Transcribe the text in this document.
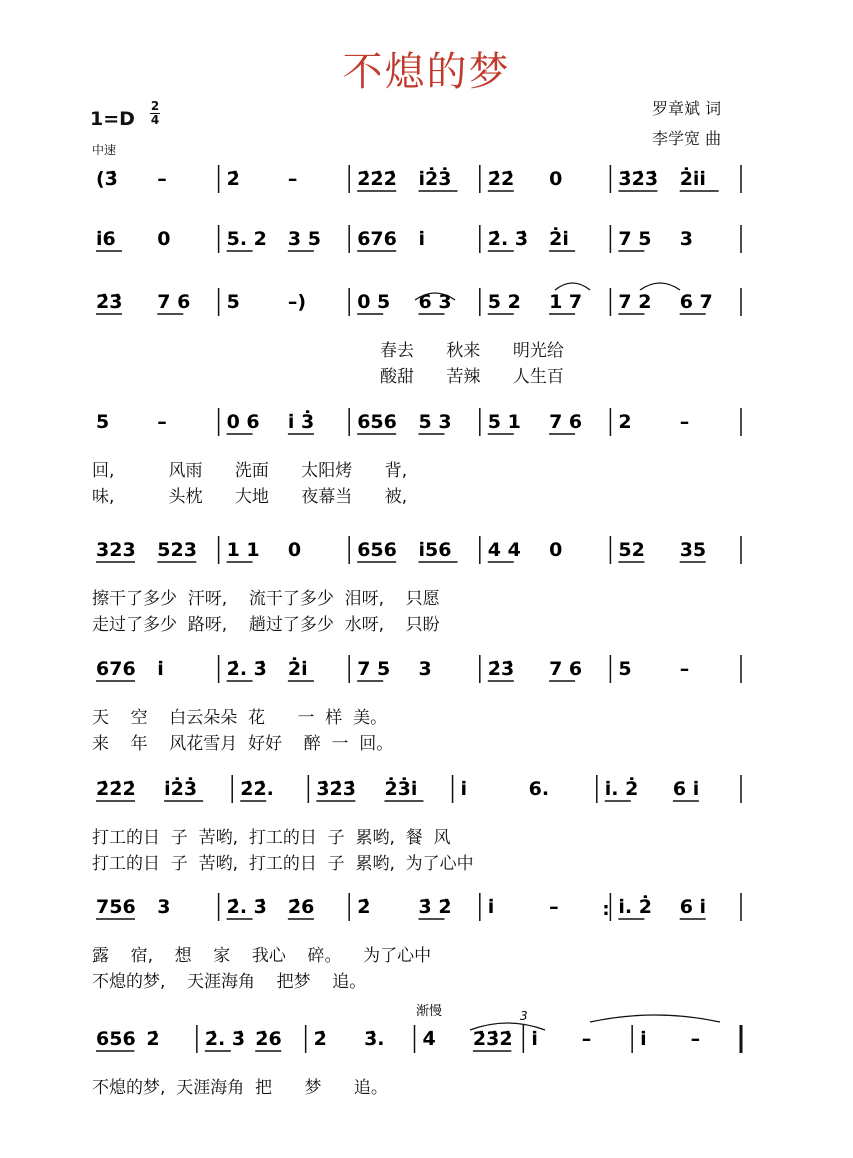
不熄的梦
1=D
2
4
中速
罗章斌 词
李学宽 曲
(3̇ –	2̇	–	2̇2̇2̇ i̇2̇3̇ 2̇2̇ 0	3̇2̇3̇ 2̇i̇i̇
i̇6 0	5. 2 3 5 676 i̇	2̇. 3̇ 2̇i̇	7 5 3
2̇3̇ 7 6 5	–)	0 5 6 3 5 2 1 7 7 2 6 7
5	–	0 6 i̇ 3̇ 656 5 3 5 1 7 6 2	–
323 523 1 1 0	656 i̇56 4 4 0	52 35
676 i̇	2̇. 3̇ 2̇i̇	7 5 3	2̇3̇ 7 6 5	–
2̇2̇2̇ i̇2̇3̇ 2̇2̇. 3̇2̇3̇ 2̇3̇i̇ i̇	6.	i̇. 2̇ 6 i̇
756 3	2̇. 3̇ 2̇6 2̇	3̇ 2̇ i̇	– : i̇. 2̇ 6 i̇
656 2̇ 2̇. 3̇ 2̇6 2̇ 3̇. 4̇ 2̇3̇2̇ i̇ –	i̇ –
渐慢	3
春去      秋来      明光给
酸甜      苦辣      人生百
回,          风雨      洗面      太阳烤      背,
味,          头枕      大地      夜幕当      被,
擦干了多少  汗呀,    流干了多少  泪呀,    只愿
走过了多少  路呀,    趟过了多少  水呀,    只盼
天    空    白云朵朵  花      一  样  美。
来    年    风花雪月  好好    醉  一  回。
打工的日  子  苦哟,  打工的日  子  累哟,  餐  风
打工的日  子  苦哟,  打工的日  子  累哟,  为了心中
露    宿,    想    家    我心    碎。    为了心中
不熄的梦,    天涯海角    把梦    追。
不熄的梦,  天涯海角  把      梦      追。
